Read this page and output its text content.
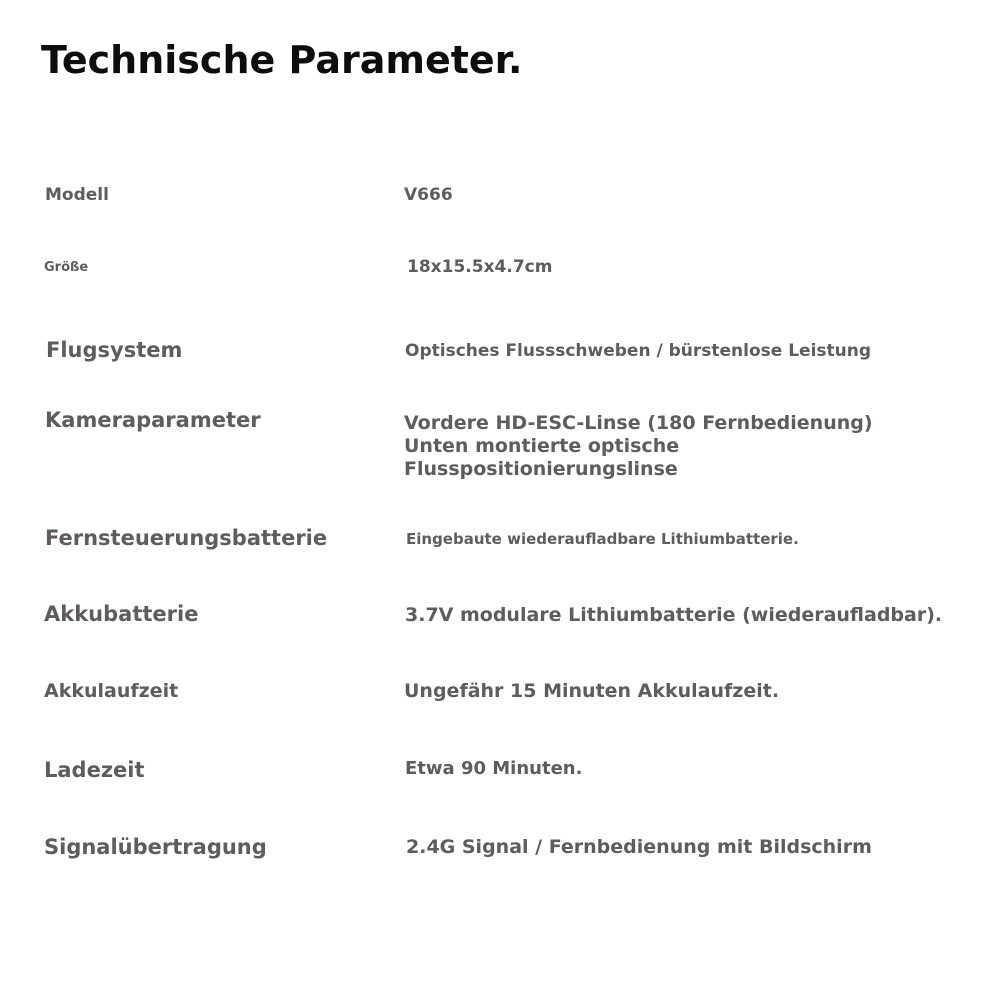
Technische Parameter.
Modell	V666
Größe	18x15.5x4.7cm
Flugsystem	Optisches Flussschweben / bürstenlose Leistung
Kameraparameter	Vordere HD-ESC-Linse (180 Fernbedienung) Unten montierte optische Flusspositionierungslinse
Fernsteuerungsbatterie	Eingebaute wiederaufladbare Lithiumbatterie.
Akkubatterie	3.7V modulare Lithiumbatterie (wiederaufladbar).
Akkulaufzeit	Ungefähr 15 Minuten Akkulaufzeit.
Ladezeit	Etwa 90 Minuten.
Signalübertragung	2.4G Signal / Fernbedienung mit Bildschirm
